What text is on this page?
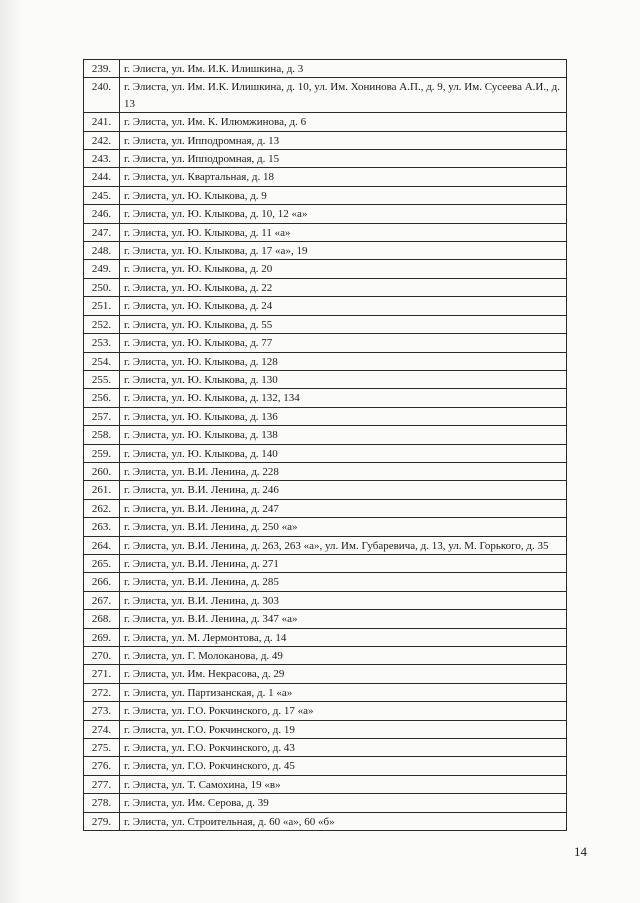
239.	г. Элиста, ул. Им. И.К. Илишкина, д. 3
240.	г. Элиста, ул. Им. И.К. Илишкина, д. 10, ул. Им. Хонинова А.П., д. 9, ул. Им. Сусеева А.И., д. 13
241.	г. Элиста, ул. Им. К. Илюмжинова, д. 6
242.	г. Элиста, ул. Ипподромная, д. 13
243.	г. Элиста, ул. Ипподромная, д. 15
244.	г. Элиста, ул. Квартальная, д. 18
245.	г. Элиста, ул. Ю. Клыкова, д. 9
246.	г. Элиста, ул. Ю. Клыкова, д. 10, 12 «а»
247.	г. Элиста, ул. Ю. Клыкова, д. 11 «а»
248.	г. Элиста, ул. Ю. Клыкова, д. 17 «а», 19
249.	г. Элиста, ул. Ю. Клыкова, д. 20
250.	г. Элиста, ул. Ю. Клыкова, д. 22
251.	г. Элиста, ул. Ю. Клыкова, д. 24
252.	г. Элиста, ул. Ю. Клыкова, д. 55
253.	г. Элиста, ул. Ю. Клыкова, д. 77
254.	г. Элиста, ул. Ю. Клыкова, д. 128
255.	г. Элиста, ул. Ю. Клыкова, д. 130
256.	г. Элиста, ул. Ю. Клыкова, д. 132, 134
257.	г. Элиста, ул. Ю. Клыкова, д. 136
258.	г. Элиста, ул. Ю. Клыкова, д. 138
259.	г. Элиста, ул. Ю. Клыкова, д. 140
260.	г. Элиста, ул. В.И. Ленина, д. 228
261.	г. Элиста, ул. В.И. Ленина, д. 246
262.	г. Элиста, ул. В.И. Ленина, д. 247
263.	г. Элиста, ул. В.И. Ленина, д. 250 «а»
264.	г. Элиста, ул. В.И. Ленина, д. 263, 263 «а», ул. Им. Губаревича, д. 13, ул. М. Горького, д. 35
265.	г. Элиста, ул. В.И. Ленина, д. 271
266.	г. Элиста, ул. В.И. Ленина, д. 285
267.	г. Элиста, ул. В.И. Ленина, д. 303
268.	г. Элиста, ул. В.И. Ленина, д. 347 «а»
269.	г. Элиста, ул. М. Лермонтова, д. 14
270.	г. Элиста, ул. Г. Молоканова, д. 49
271.	г. Элиста, ул. Им. Некрасова, д. 29
272.	г. Элиста, ул. Партизанская, д. 1 «а»
273.	г. Элиста, ул. Г.О. Рокчинского, д. 17 «а»
274.	г. Элиста, ул. Г.О. Рокчинского, д. 19
275.	г. Элиста, ул. Г.О. Рокчинского, д. 43
276.	г. Элиста, ул. Г.О. Рокчинского, д. 45
277.	г. Элиста, ул. Т. Самохина, 19 «в»
278.	г. Элиста, ул. Им. Серова, д. 39
279.	г. Элиста, ул. Строительная, д. 60 «а», 60 «б»
14
